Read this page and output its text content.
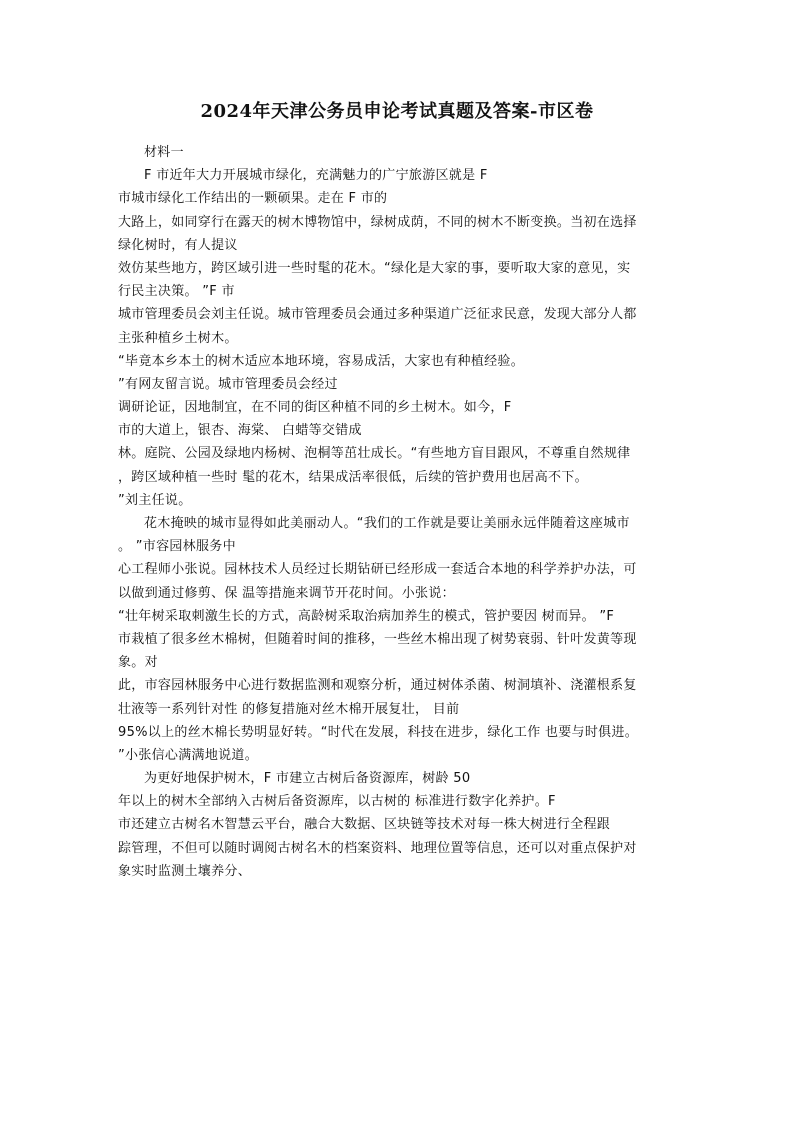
2024年天津公务员申论考试真题及答案-市区卷
材料一
F 市近年大力开展城市绿化，充满魅力的广宁旅游区就是 F
市城市绿化工作结出的一颗硕果。走在 F 市的
大路上，如同穿行在露天的树木博物馆中，绿树成荫，不同的树木不断变换。当初在选择
绿化树时，有人提议
效仿某些地方，跨区域引进一些时髦的花木。“绿化是大家的事，要听取大家的意见，实
行民主决策。 ”F 市
城市管理委员会刘主任说。城市管理委员会通过多种渠道广泛征求民意，发现大部分人都
主张种植乡土树木。
“毕竟本乡本土的树木适应本地环境，容易成活，大家也有种植经验。
”有网友留言说。城市管理委员会经过
调研论证，因地制宜，在不同的街区种植不同的乡土树木。如今，F
市的大道上，银杏、海棠、 白蜡等交错成
林。庭院、公园及绿地内杨树、泡桐等茁壮成长。“有些地方盲目跟风，不尊重自然规律
，跨区域种植一些时 髦的花木，结果成活率很低，后续的管护费用也居高不下。
”刘主任说。
花木掩映的城市显得如此美丽动人。“我们的工作就是要让美丽永远伴随着这座城市
。 ”市容园林服务中
心工程师小张说。园林技术人员经过长期钻研已经形成一套适合本地的科学养护办法，可
以做到通过修剪、保 温等措施来调节开花时间。小张说：
“壮年树采取刺激生长的方式，高龄树采取治病加养生的模式，管护要因 树而异。 ”F
市栽植了很多丝木棉树，但随着时间的推移，一些丝木棉出现了树势衰弱、针叶发黄等现
象。对
此，市容园林服务中心进行数据监测和观察分析，通过树体杀菌、树洞填补、浇灌根系复
壮液等一系列针对性 的修复措施对丝木棉开展复壮， 目前
95%以上的丝木棉长势明显好转。“时代在发展，科技在进步，绿化工作 也要与时俱进。
”小张信心满满地说道。
为更好地保护树木，F 市建立古树后备资源库，树龄 50
年以上的树木全部纳入古树后备资源库，以古树的 标准进行数字化养护。F
市还建立古树名木智慧云平台，融合大数据、区块链等技术对每一株大树进行全程跟
踪管理，不但可以随时调阅古树名木的档案资料、地理位置等信息，还可以对重点保护对
象实时监测土壤养分、
